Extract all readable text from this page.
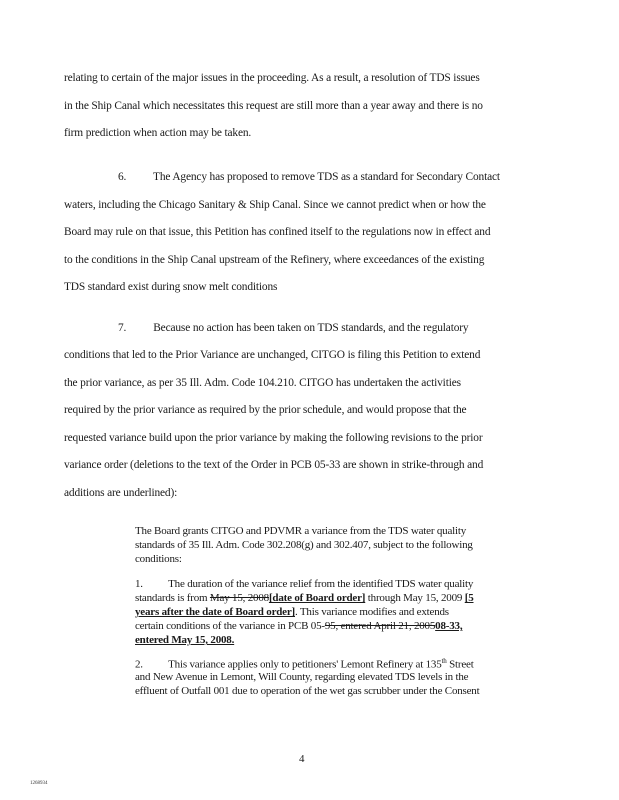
relating to certain of the major issues in the proceeding. As a result, a resolution of TDS issues
in the Ship Canal which necessitates this request are still more than a year away and there is no
firm prediction when action may be taken.
6.          The Agency has proposed to remove TDS as a standard for Secondary Contact
waters, including the Chicago Sanitary & Ship Canal. Since we cannot predict when or how the
Board may rule on that issue, this Petition has confined itself to the regulations now in effect and
to the conditions in the Ship Canal upstream of the Refinery, where exceedances of the existing
TDS standard exist during snow melt conditions
7.          Because no action has been taken on TDS standards, and the regulatory
conditions that led to the Prior Variance are unchanged, CITGO is filing this Petition to extend
the prior variance, as per 35 Ill. Adm. Code 104.210. CITGO has undertaken the activities
required by the prior variance as required by the prior schedule, and would propose that the
requested variance build upon the prior variance by making the following revisions to the prior
variance order (deletions to the text of the Order in PCB 05-33 are shown in strike-through and
additions are underlined):
The Board grants CITGO and PDVMR a variance from the TDS water quality
standards of 35 Ill. Adm. Code 302.208(g) and 302.407, subject to the following
conditions:
1.          The duration of the variance relief from the identified TDS water quality
standards is from May 15, 2008[date of Board order] through May 15, 2009 [5
years after the date of Board order]. This variance modifies and extends
certain conditions of the variance in PCB 05-95, entered April 21, 200508-33,
entered May 15, 2008.
2.          This variance applies only to petitioners' Lemont Refinery at 135th Street
and New Avenue in Lemont, Will County, regarding elevated TDS levels in the
effluent of Outfall 001 due to operation of the wet gas scrubber under the Consent
4
1268934
